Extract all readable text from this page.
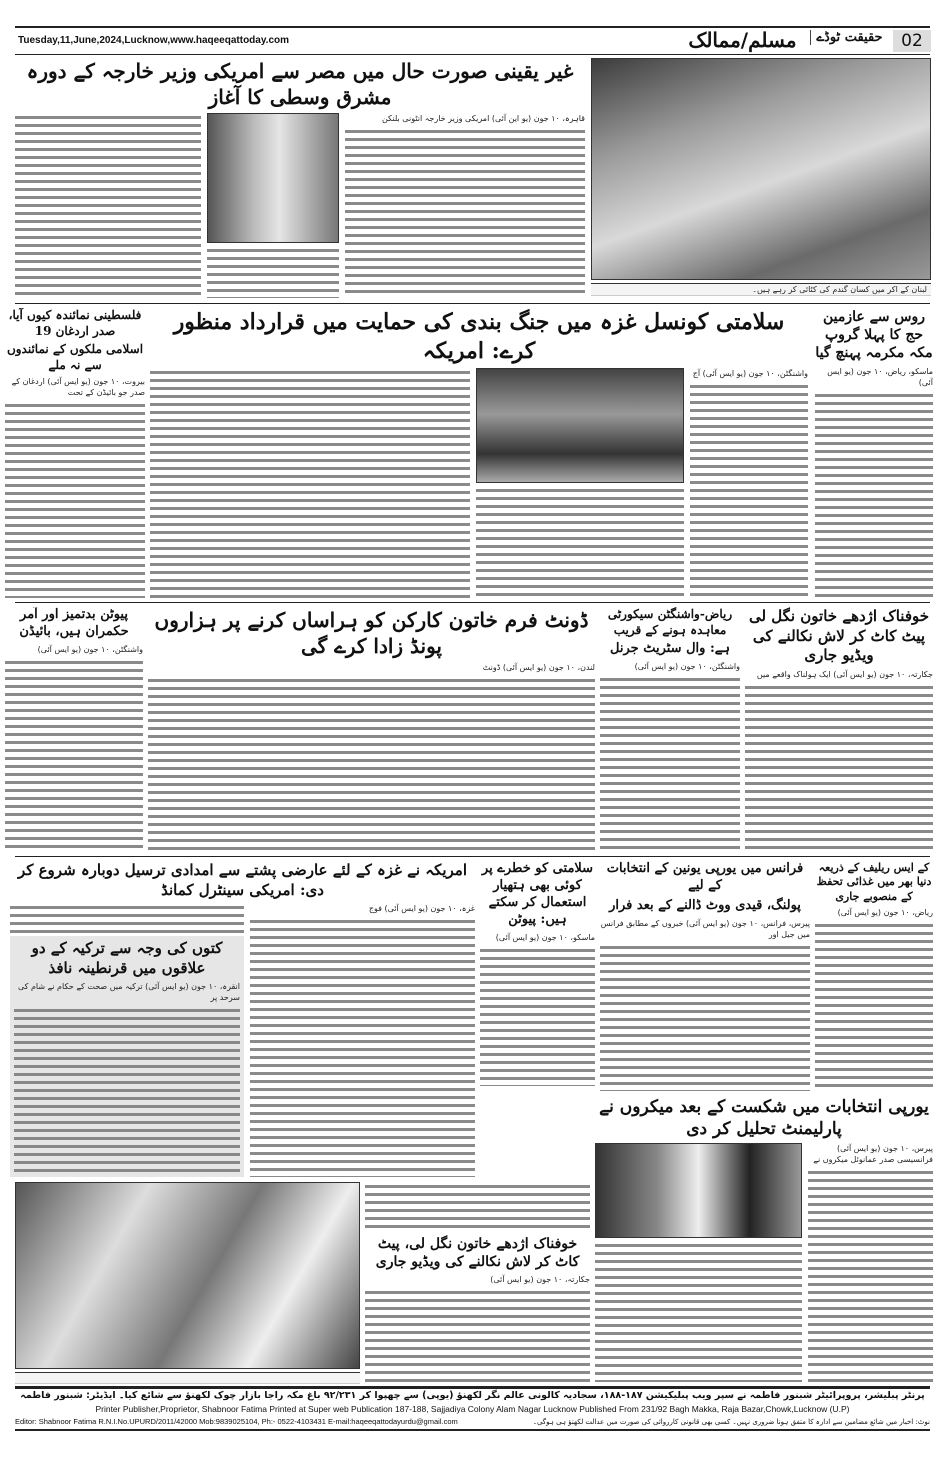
02
حقیقت ٹوڈے
مسلم/ممالک
Tuesday,11,June,2024,Lucknow,www.haqeeqattoday.com
لبنان کے اکر میں کسان گندم کی کٹائی کر رہے ہیں۔
غیر یقینی صورت حال میں مصر سے امریکی وزیر خارجہ کے دورہ مشرق وسطی کا آغاز
قاہرہ، ۱۰ جون (یو این آئی) امریکی وزیر خارجہ انٹونی بلنکن
روس سے عازمین حج کا پہلا گروپ مکہ مکرمہ پہنچ گیا
ماسکو، ریاض، ۱۰ جون (یو ایس آئی)
سلامتی کونسل غزہ میں جنگ بندی کی حمایت میں قرارداد منظور کرے: امریکہ
واشنگٹن، ۱۰ جون (یو ایس آئی) آج
فلسطینی نمائندہ کیوں آیا، صدر اردغان 19
اسلامی ملکوں کے نمائندوں سے نہ ملے
بیروت، ۱۰ جون (یو ایس آئی) اردغان کے صدر جو بائیڈن کے تحت
خوفناک اژدھے خاتون نگل لی پیٹ کاٹ کر لاش نکالنے کی ویڈیو جاری
جکارتہ، ۱۰ جون (یو ایس آئی) ایک ہولناک واقعے میں
ریاض-واشنگٹن سیکورٹی معاہدہ ہونے کے قریب
ہے: وال سٹریٹ جرنل
واشنگٹن، ۱۰ جون (یو ایس آئی)
ڈونٹ فرم خاتون کارکن کو ہراساں کرنے پر ہزاروں پونڈ زادا کرے گی
لندن، ۱۰ جون (یو ایس آئی) ڈونٹ
پیوٹن بدتمیز اور آمر حکمران ہیں، بائیڈن
واشنگٹن، ۱۰ جون (یو ایس آئی)
کے ایس ریلیف کے ذریعہ دنیا بھر میں غذائی تحفظ کے منصوبے جاری
ریاض، ۱۰ جون (یو ایس آئی)
فرانس میں یورپی یونین کے انتخابات کے لیے
پولنگ، قیدی ووٹ ڈالنے کے بعد فرار
پیرس، فرانس، ۱۰ جون (یو ایس آئی) خبروں کے مطابق فرانس میں جیل اور
سلامتی کو خطرے پر کوئی بھی ہتھیار استعمال کر سکتے ہیں: پیوٹن
ماسکو، ۱۰ جون (یو ایس آئی)
امریکہ نے غزہ کے لئے عارضی پشتے سے امدادی ترسیل دوبارہ شروع کر دی: امریکی سینٹرل کمانڈ
غزہ، ۱۰ جون (یو ایس آئی) فوج
کتوں کی وجہ سے ترکیہ کے دو علاقوں میں قرنطینہ نافذ
انقرہ، ۱۰ جون (یو ایس آئی) ترکیہ میں صحت کے حکام نے شام کی سرحد پر
یورپی انتخابات میں شکست کے بعد میکروں نے پارلیمنٹ تحلیل کر دی
پیرس، ۱۰ جون (یو ایس آئی) فرانسیسی صدر عمانوئل میکروں نے
خوفناک اژدھے خاتون نگل لی، پیٹ کاٹ کر لاش نکالنے کی ویڈیو جاری
جکارتہ، ۱۰ جون (یو ایس آئی)
پرنٹر پبلیشر، پروپرائیٹر شبنور فاطمہ نے سپر ویب پبلیکیشن ۱۸۷-۱۸۸، سجادیہ کالونی عالم نگر لکھنؤ (یوپی) سے چھپوا کر ۹۲/۲۳۱ باغ مکہ راجا بازار چوک لکھنؤ سے شائع کیا۔ ایڈیٹر: شبنور فاطمہ
Printer Publisher,Proprietor, Shabnoor Fatima Printed at Super web Publication 187-188, Sajjadiya Colony Alam Nagar Lucknow Published From 231/92 Bagh Makka, Raja Bazar,Chowk,Lucknow (U.P)
Editor: Shabnoor Fatima R.N.I.No.UPURD/2011/42000 Mob:9839025104, Ph:- 0522-4103431 E-mail:haqeeqattodayurdu@gmail.com	نوٹ: اخبار میں شائع مضامین سے ادارہ کا متفق ہونا ضروری نہیں۔ کسی بھی قانونی کارروائی کی صورت میں عدالت لکھنؤ ہی ہوگی۔
